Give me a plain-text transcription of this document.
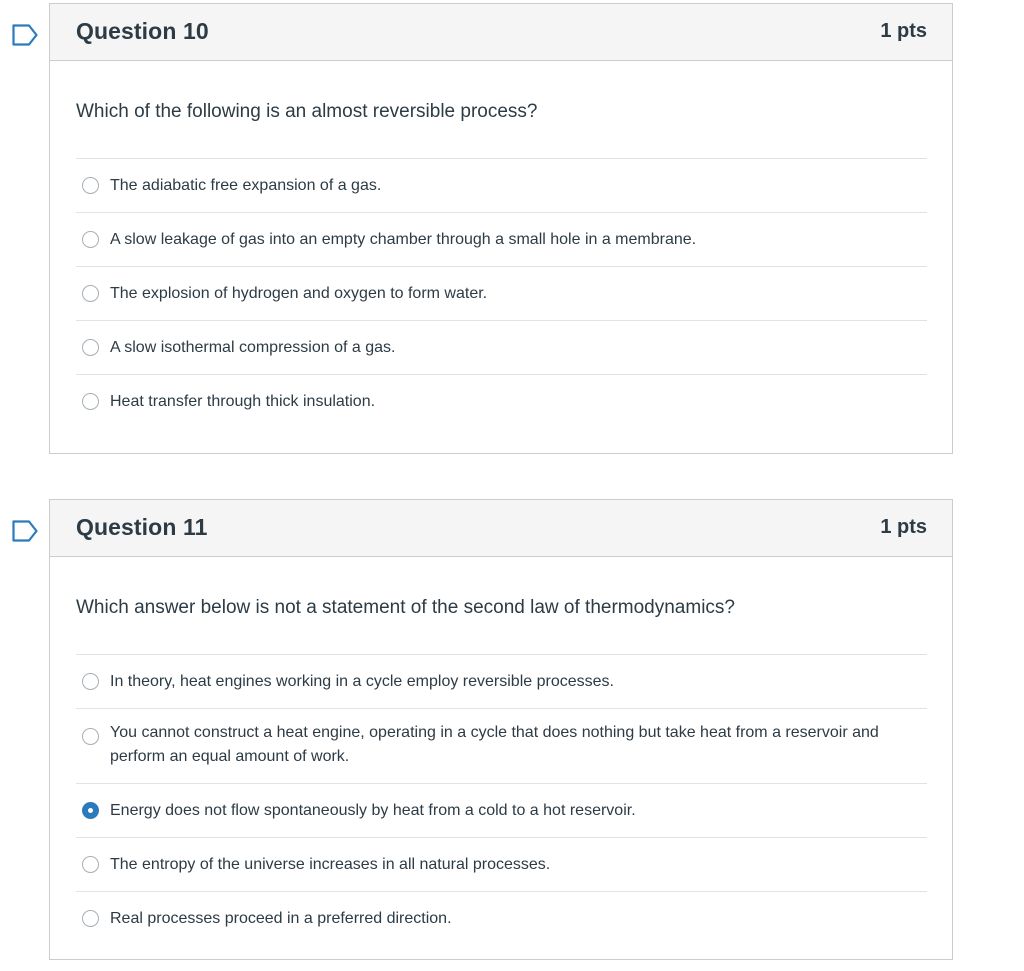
Question 10	1 pts
Which of the following is an almost reversible process?
The adiabatic free expansion of a gas.
A slow leakage of gas into an empty chamber through a small hole in a membrane.
The explosion of hydrogen and oxygen to form water.
A slow isothermal compression of a gas.
Heat transfer through thick insulation.
Question 11	1 pts
Which answer below is not a statement of the second law of thermodynamics?
In theory, heat engines working in a cycle employ reversible processes.
You cannot construct a heat engine, operating in a cycle that does nothing but take heat from a reservoir and perform an equal amount of work.
Energy does not flow spontaneously by heat from a cold to a hot reservoir.
The entropy of the universe increases in all natural processes.
Real processes proceed in a preferred direction.
